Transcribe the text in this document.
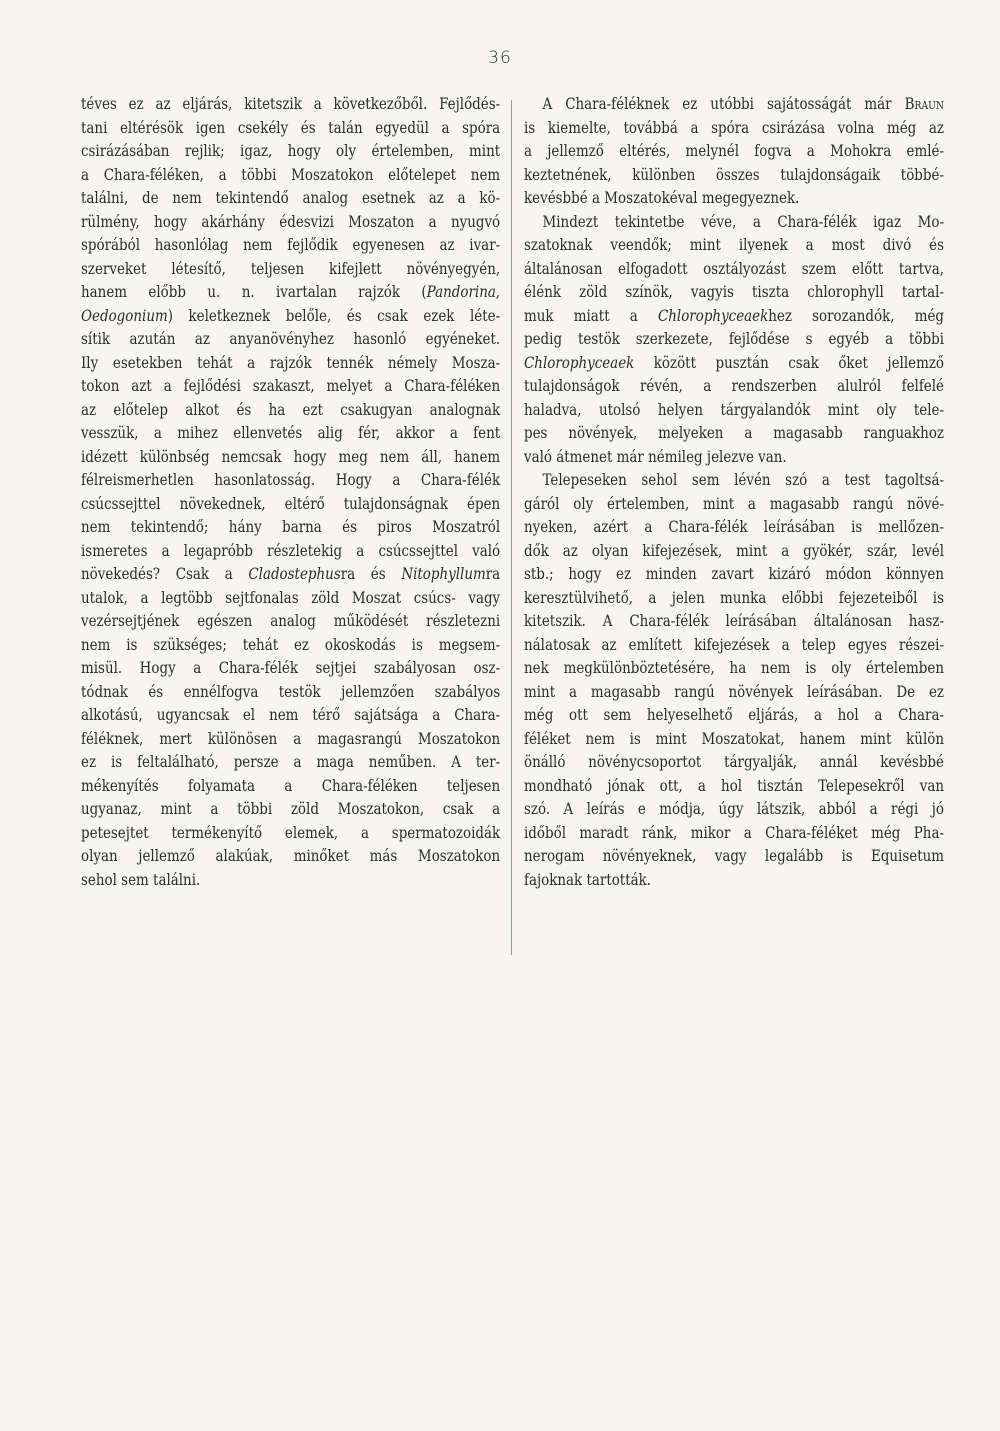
36
téves ez az eljárás, kitetszik a következőből. Fejlődés-
tani eltérésök igen csekély és talán egyedül a spóra
csirázásában rejlik; igaz, hogy oly értelemben, mint
a Chara-féléken, a többi Moszatokon előtelepet nem
találni, de nem tekintendő analog esetnek az a kö-
rülmény, hogy akárhány édesvizi Moszaton a nyugvó
spórából hasonlólag nem fejlődik egyenesen az ivar-
szerveket létesítő, teljesen kifejlett növényegyén,
hanem előbb u. n. ivartalan rajzók (Pandorina,
Oedogonium) keletkeznek belőle, és csak ezek léte-
sítik azután az anyanövényhez hasonló egyéneket.
Ily esetekben tehát a rajzók tennék némely Mosza-
tokon azt a fejlődési szakaszt, melyet a Chara-féléken
az előtelep alkot és ha ezt csakugyan analognak
vesszük, a mihez ellenvetés alig fér, akkor a fent
idézett különbség nemcsak hogy meg nem áll, hanem
félreismerhetlen hasonlatosság. Hogy a Chara-félék
csúcssejttel növekednek, eltérő tulajdonságnak épen
nem tekintendő; hány barna és piros Moszatról
ismeretes a legapróbb részletekig a csúcssejttel való
növekedés? Csak a Cladostephusra és Nitophyllumra
utalok, a legtöbb sejtfonalas zöld Moszat csúcs- vagy
vezérsejtjének egészen analog működését részletezni
nem is szükséges; tehát ez okoskodás is megsem-
misül. Hogy a Chara-félék sejtjei szabályosan osz-
tódnak és ennélfogva testök jellemzően szabályos
alkotású, ugyancsak el nem térő sajátsága a Chara-
féléknek, mert különösen a magasrangú Moszatokon
ez is feltalálható, persze a maga neműben. A ter-
mékenyítés folyamata a Chara-féléken teljesen
ugyanaz, mint a többi zöld Moszatokon, csak a
petesejtet termékenyítő elemek, a spermatozoidák
olyan jellemző alakúak, minőket más Moszatokon
sehol sem találni.
A Chara-féléknek ez utóbbi sajátosságát már Braun
is kiemelte, továbbá a spóra csirázása volna még az
a jellemző eltérés, melynél fogva a Mohokra emlé-
keztetnének, különben összes tulajdonságaik többé-
kevésbbé a Moszatokéval megegyeznek.
Mindezt tekintetbe véve, a Chara-félék igaz Mo-
szatoknak veendők; mint ilyenek a most divó és
általánosan elfogadott osztályozást szem előtt tartva,
élénk zöld színök, vagyis tiszta chlorophyll tartal-
muk miatt a Chlorophyceaekhez sorozandók, még
pedig testök szerkezete, fejlődése s egyéb a többi
Chlorophyceaek között pusztán csak őket jellemző
tulajdonságok révén, a rendszerben alulról felfelé
haladva, utolsó helyen tárgyalandók mint oly tele-
pes növények, melyeken a magasabb ranguakhoz
való átmenet már némileg jelezve van.
Telepeseken sehol sem lévén szó a test tagoltsá-
gáról oly értelemben, mint a magasabb rangú növé-
nyeken, azért a Chara-félék leírásában is mellőzen-
dők az olyan kifejezések, mint a gyökér, szár, levél
stb.; hogy ez minden zavart kizáró módon könnyen
keresztülvihető, a jelen munka előbbi fejezeteiből is
kitetszik. A Chara-félék leírásában általánosan hasz-
nálatosak az említett kifejezések a telep egyes részei-
nek megkülönböztetésére, ha nem is oly értelemben
mint a magasabb rangú növények leírásában. De ez
még ott sem helyeselhető eljárás, a hol a Chara-
féléket nem is mint Moszatokat, hanem mint külön
önálló növénycsoportot tárgyalják, annál kevésbbé
mondható jónak ott, a hol tisztán Telepesekről van
szó. A leírás e módja, úgy látszik, abból a régi jó
időből maradt ránk, mikor a Chara-féléket még Pha-
nerogam növényeknek, vagy legalább is Equisetum
fajoknak tartották.
